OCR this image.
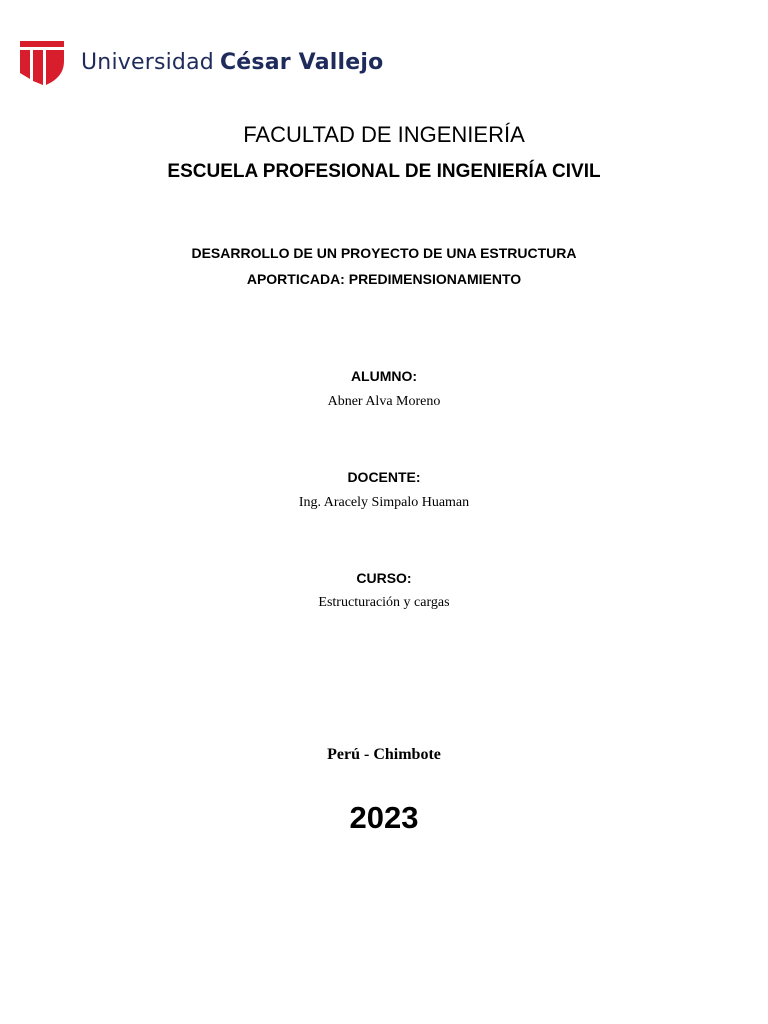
Universidad César Vallejo
FACULTAD DE INGENIERÍA
ESCUELA PROFESIONAL DE INGENIERÍA CIVIL
DESARROLLO DE UN PROYECTO DE UNA ESTRUCTURA
APORTICADA: PREDIMENSIONAMIENTO
ALUMNO:
Abner Alva Moreno
DOCENTE:
Ing. Aracely Simpalo Huaman
CURSO:
Estructuración y cargas
Perú - Chimbote
2023
